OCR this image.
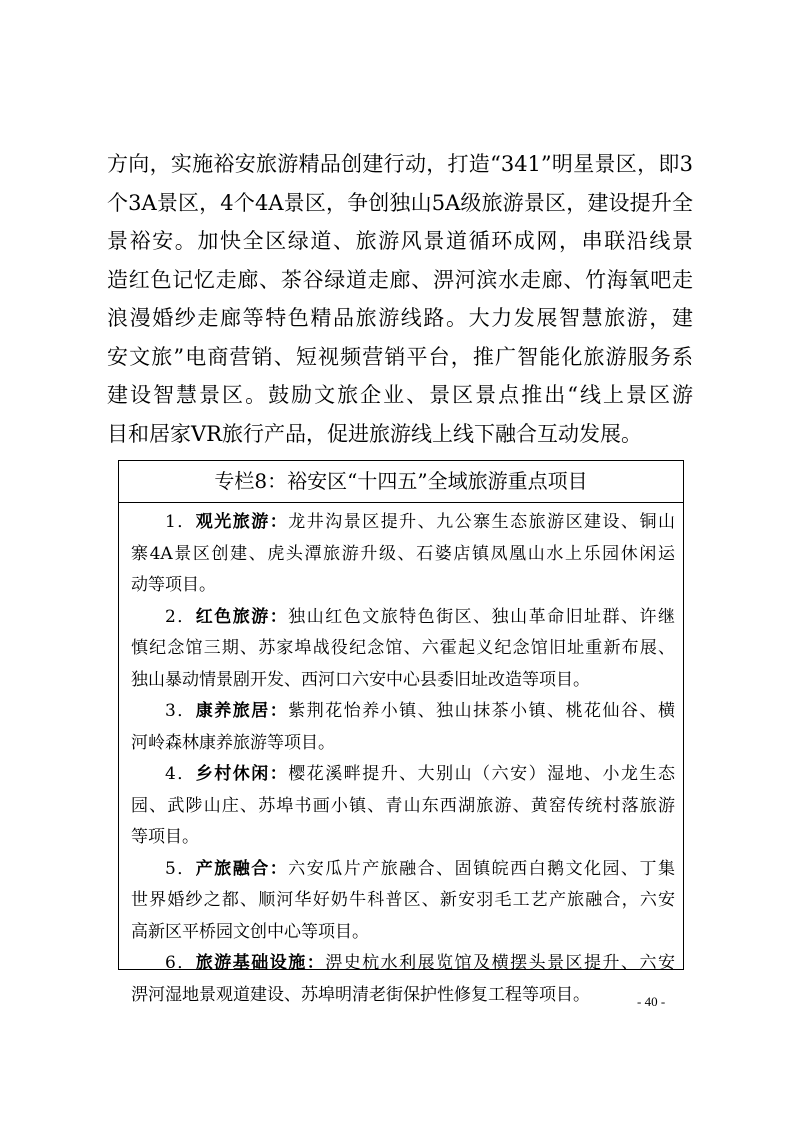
方向，实施裕安旅游精品创建行动，打造“341”明星景区，即3
个3A景区，4个4A景区，争创独山5A级旅游景区，建设提升全
景裕安。加快全区绿道、旅游风景道循环成网，串联沿线景
造红色记忆走廊、茶谷绿道走廊、淠河滨水走廊、竹海氧吧走
浪漫婚纱走廊等特色精品旅游线路。大力发展智慧旅游，建
安文旅”电商营销、短视频营销平台，推广智能化旅游服务系
建设智慧景区。鼓励文旅企业、景区景点推出“线上景区游
目和居家VR旅行产品，促进旅游线上线下融合互动发展。
专栏8：裕安区“十四五”全域旅游重点项目
1．观光旅游：龙井沟景区提升、九公寨生态旅游区建设、铜山
寨4A景区创建、虎头潭旅游升级、石婆店镇凤凰山水上乐园休闲运
动等项目。
2．红色旅游：独山红色文旅特色街区、独山革命旧址群、许继
慎纪念馆三期、苏家埠战役纪念馆、六霍起义纪念馆旧址重新布展、
独山暴动情景剧开发、西河口六安中心县委旧址改造等项目。
3．康养旅居：紫荆花怡养小镇、独山抹茶小镇、桃花仙谷、横
河岭森林康养旅游等项目。
4．乡村休闲：樱花溪畔提升、大别山（六安）湿地、小龙生态
园、武陟山庄、苏埠书画小镇、青山东西湖旅游、黄窑传统村落旅游
等项目。
5．产旅融合：六安瓜片产旅融合、固镇皖西白鹅文化园、丁集
世界婚纱之都、顺河华好奶牛科普区、新安羽毛工艺产旅融合，六安
高新区平桥园文创中心等项目。
6．旅游基础设施：淠史杭水利展览馆及横摆头景区提升、六安
淠河湿地景观道建设、苏埠明清老街保护性修复工程等项目。	- 40 -
